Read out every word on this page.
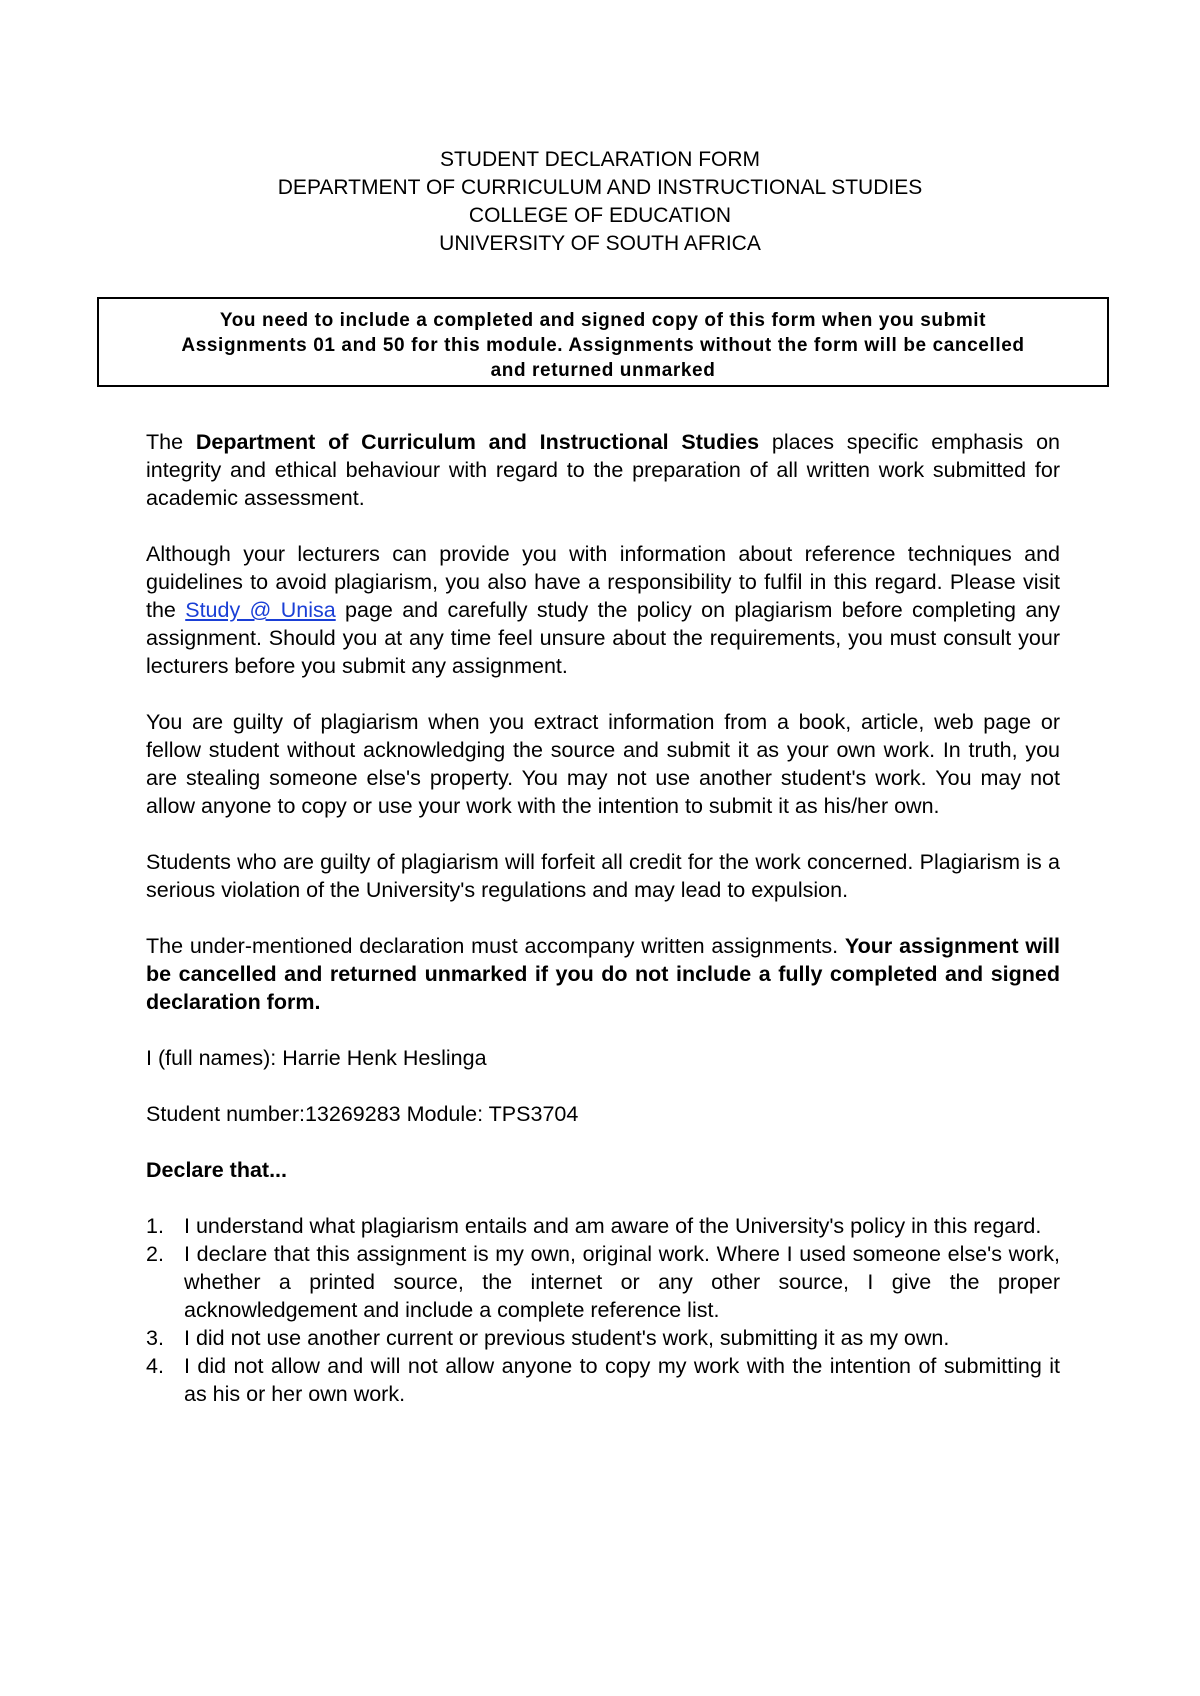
STUDENT DECLARATION FORM
DEPARTMENT OF CURRICULUM AND INSTRUCTIONAL STUDIES
COLLEGE OF EDUCATION
UNIVERSITY OF SOUTH AFRICA
You need to include a completed and signed copy of this form when you submit
Assignments 01 and 50 for this module. Assignments without the form will be cancelled
and returned unmarked

The Department of Curriculum and Instructional Studies places specific emphasis on integrity and ethical behaviour with regard to the preparation of all written work submitted for academic assessment.

Although your lecturers can provide you with information about reference techniques and guidelines to avoid plagiarism, you also have a responsibility to fulfil in this regard. Please visit the Study @ Unisa page and carefully study the policy on plagiarism before completing any assignment. Should you at any time feel unsure about the requirements, you must consult your lecturers before you submit any assignment.

You are guilty of plagiarism when you extract information from a book, article, web page or fellow student without acknowledging the source and submit it as your own work. In truth, you are stealing someone else's property. You may not use another student's work. You may not allow anyone to copy or use your work with the intention to submit it as his/her own.

Students who are guilty of plagiarism will forfeit all credit for the work concerned. Plagiarism is a serious violation of the University's regulations and may lead to expulsion.

The under-mentioned declaration must accompany written assignments. Your assignment will be cancelled and returned unmarked if you do not include a fully completed and signed declaration form.

I (full names): Harrie Henk Heslinga

Student number:13269283 Module: TPS3704

Declare that...

1. I understand what plagiarism entails and am aware of the University's policy in this regard.
2. I declare that this assignment is my own, original work. Where I used someone else's work, whether a printed source, the internet or any other source, I give the proper acknowledgement and include a complete reference list.
3. I did not use another current or previous student's work, submitting it as my own.
4. I did not allow and will not allow anyone to copy my work with the intention of submitting it as his or her own work.
